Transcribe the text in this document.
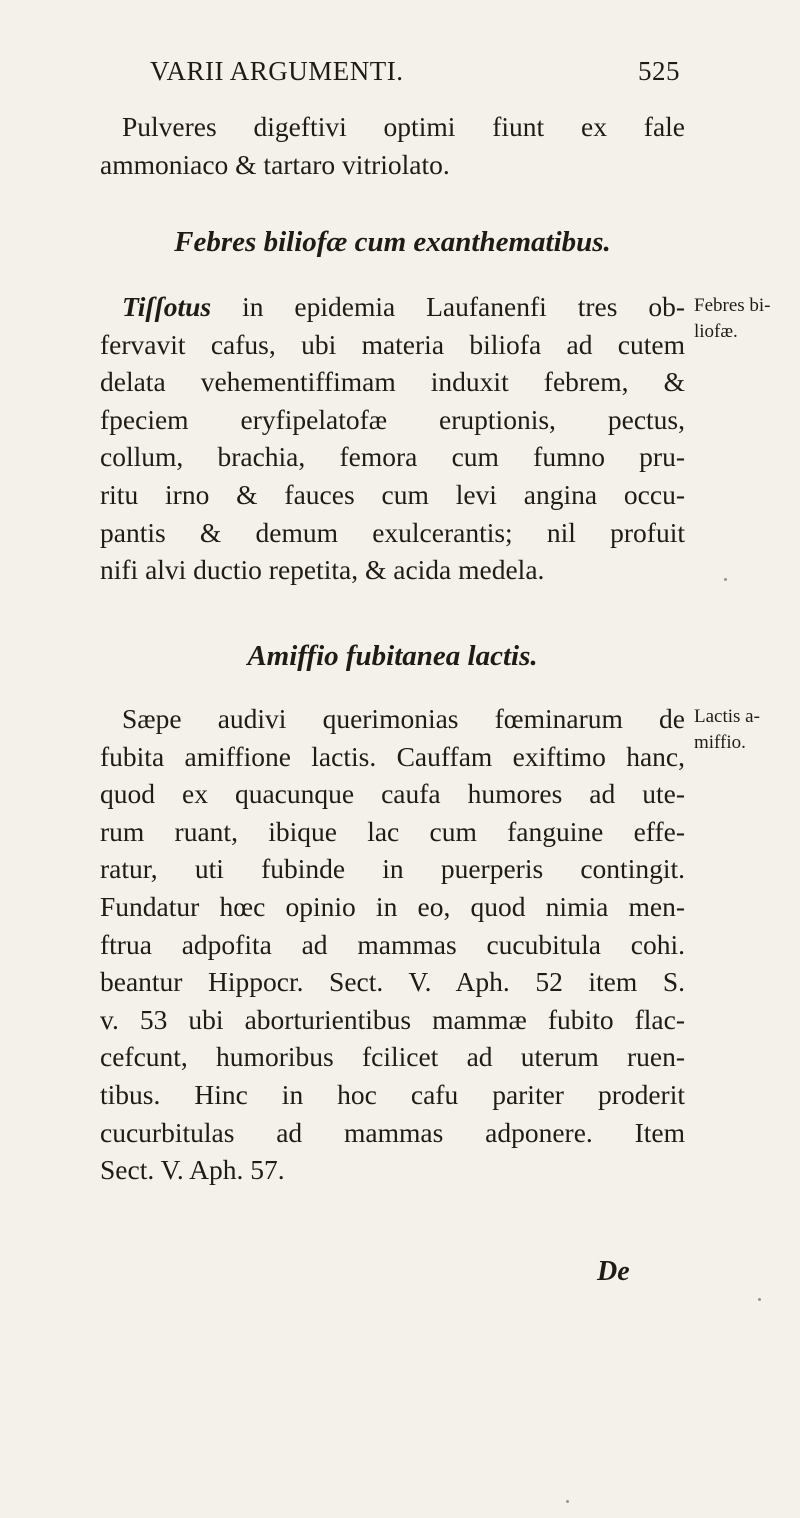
VARII ARGUMENTI.	525
Pulveres digeftivi optimi fiunt ex fale
ammoniaco & tartaro vitriolato.
Febres biliofæ cum exanthematibus.
Febres bi-
liofæ.
Tiſſotus in epidemia Laufanenfi tres ob-
fervavit cafus, ubi materia biliofa ad cutem
delata vehementiffimam induxit febrem, &
fpeciem eryfipelatofæ eruptionis, pectus,
collum, brachia, femora cum fumno pru-
ritu irno & fauces cum levi angina occu-
pantis & demum exulcerantis; nil profuit
nifi alvi ductio repetita, & acida medela.
Amiffio fubitanea lactis.
Lactis a-
miffio.
Sæpe audivi querimonias fœminarum de
fubita amiffione lactis. Cauffam exiftimo hanc,
quod ex quacunque caufa humores ad ute-
rum ruant, ibique lac cum fanguine effe-
ratur, uti fubinde in puerperis contingit.
Fundatur hœc opinio in eo, quod nimia men-
ftrua adpofita ad mammas cucubitula cohi.
beantur Hippocr. Sect. V. Aph. 52 item S.
v. 53 ubi aborturientibus mammæ fubito flac-
cefcunt, humoribus fcilicet ad uterum ruen-
tibus. Hinc in hoc cafu pariter proderit
cucurbitulas ad mammas adponere. Item
Sect. V. Aph. 57.
De
